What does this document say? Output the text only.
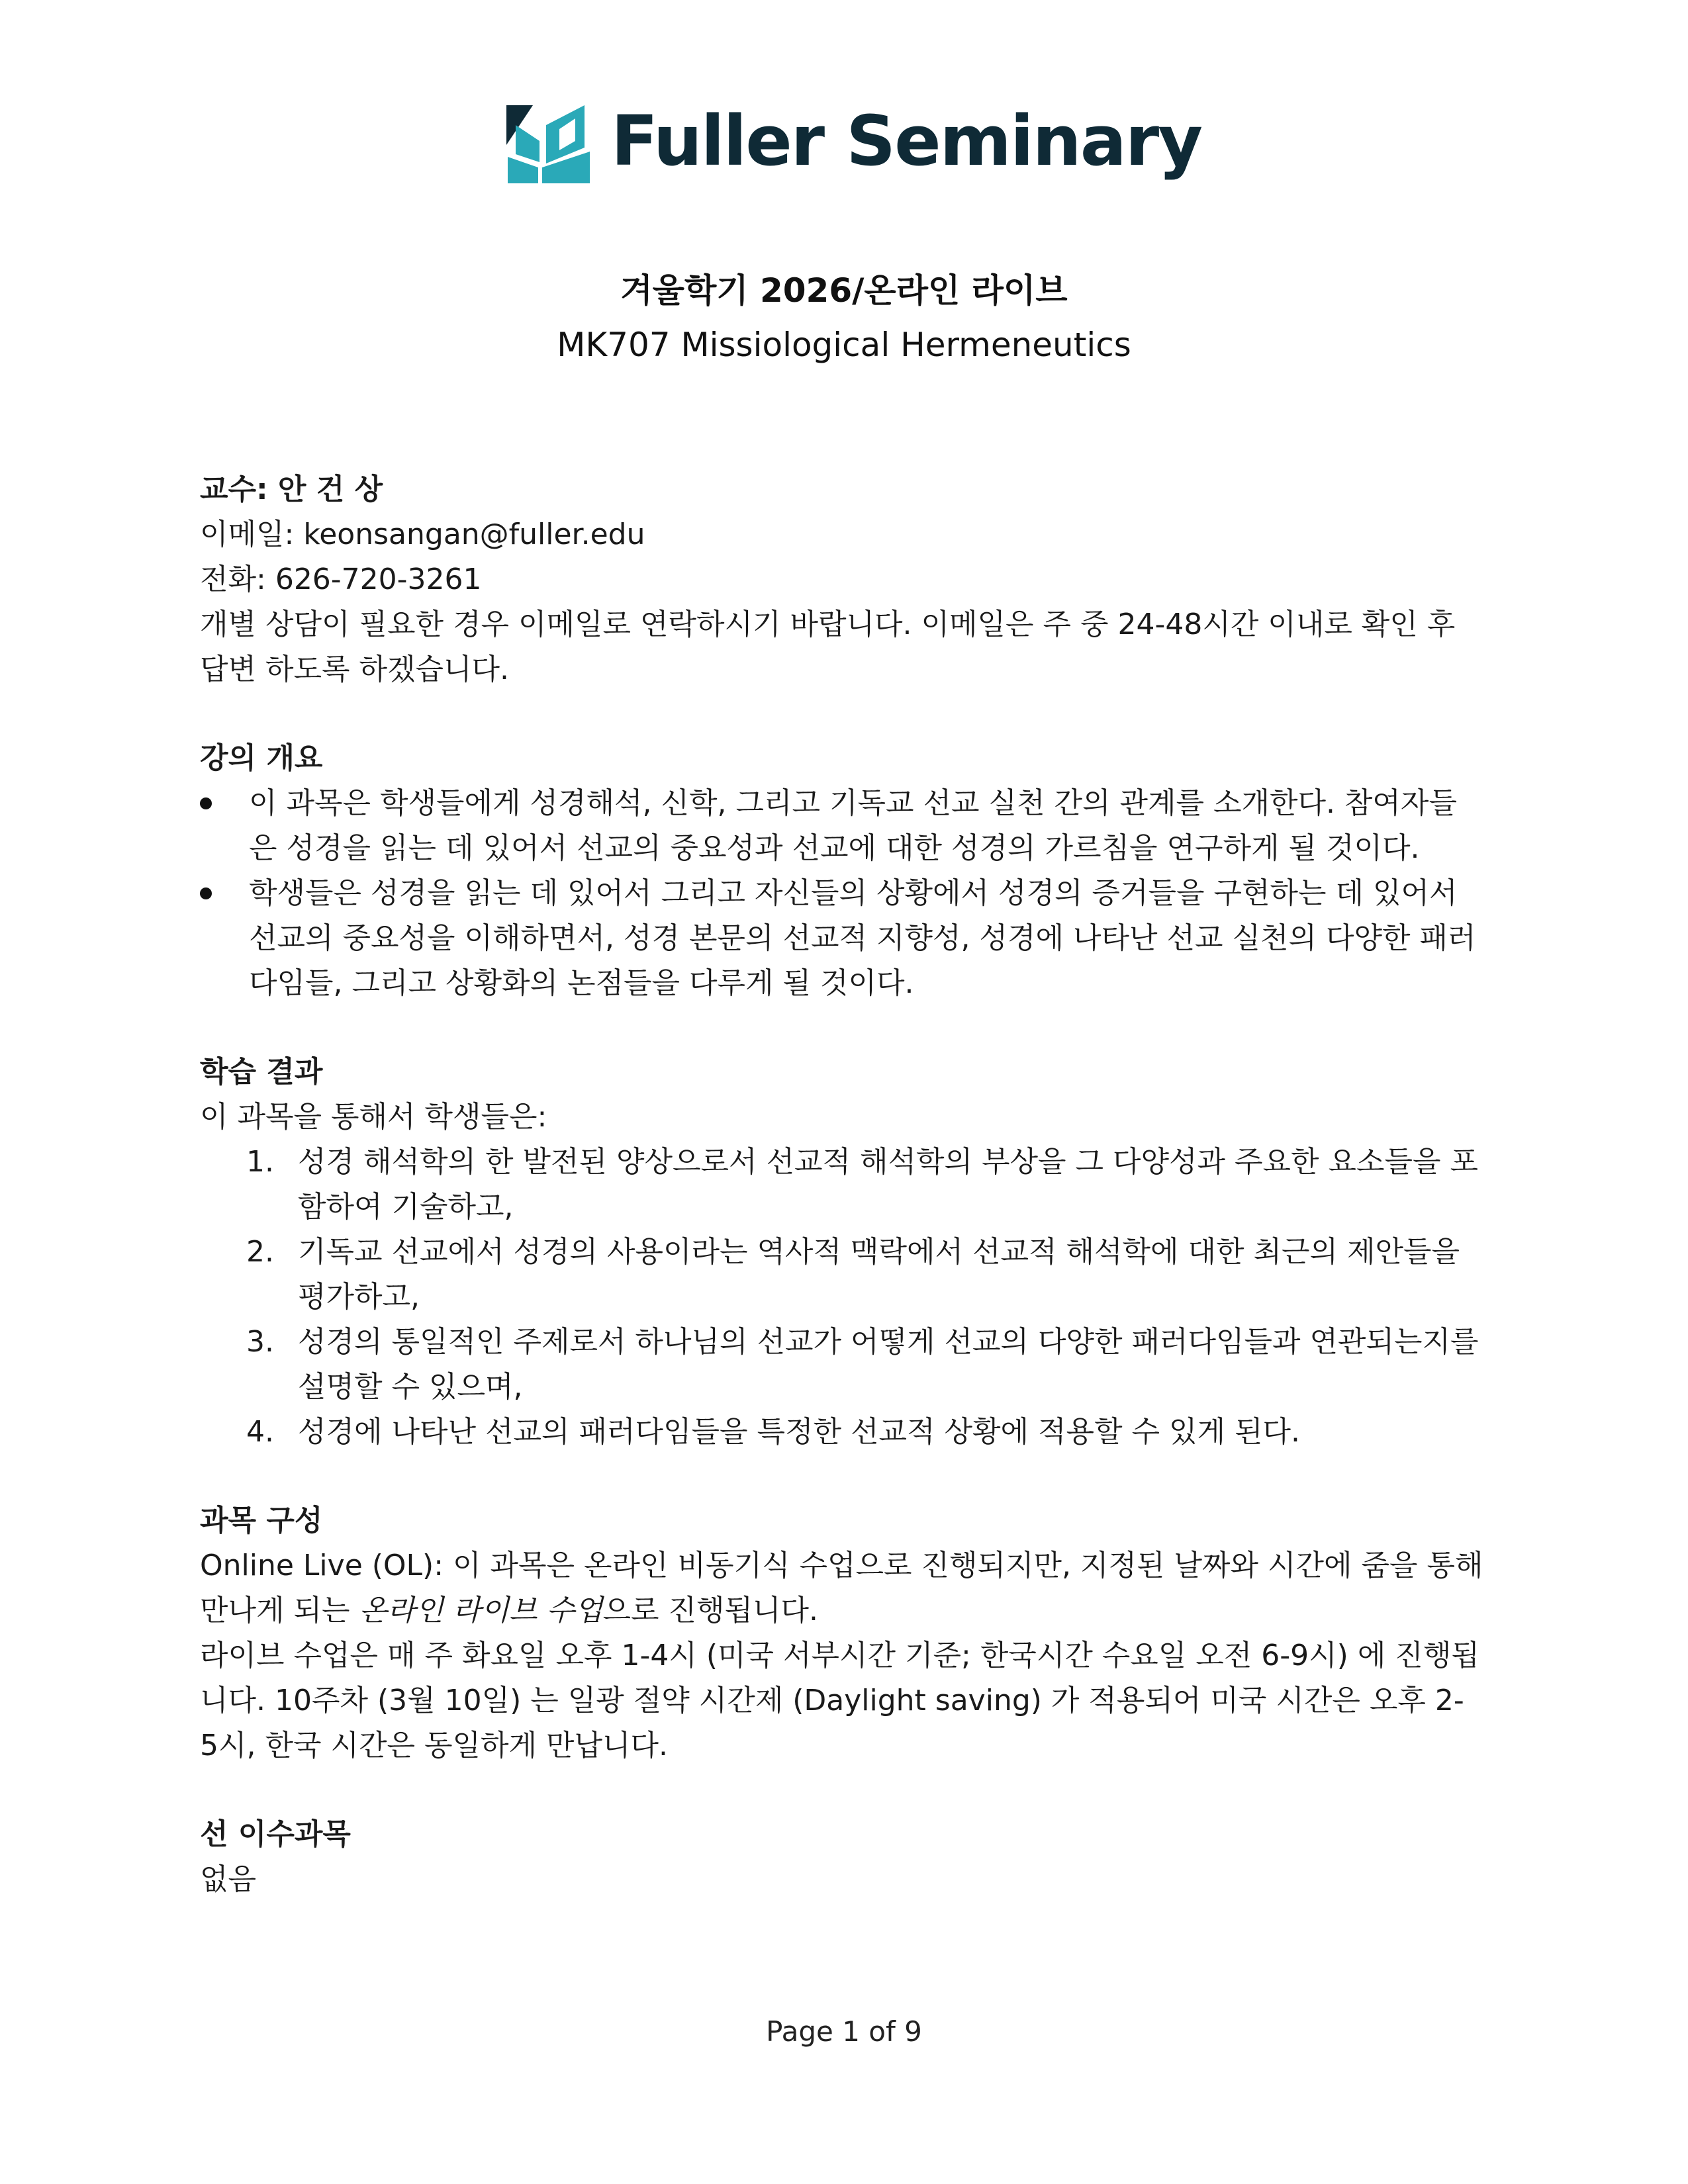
Fuller Seminary
겨울학기 2026/온라인 라이브
MK707 Missiological Hermeneutics
교수: 안 건 상
이메일: keonsangan@fuller.edu
전화: 626-720-3261
개별 상담이 필요한 경우 이메일로 연락하시기 바랍니다. 이메일은 주 중 24-48시간 이내로 확인 후
답변 하도록 하겠습니다.
강의 개요
이 과목은 학생들에게 성경해석, 신학, 그리고 기독교 선교 실천 간의 관계를 소개한다. 참여자들
은 성경을 읽는 데 있어서 선교의 중요성과 선교에 대한 성경의 가르침을 연구하게 될 것이다.
학생들은 성경을 읽는 데 있어서 그리고 자신들의 상황에서 성경의 증거들을 구현하는 데 있어서
선교의 중요성을 이해하면서, 성경 본문의 선교적 지향성, 성경에 나타난 선교 실천의 다양한 패러
다임들, 그리고 상황화의 논점들을 다루게 될 것이다.
학습 결과
이 과목을 통해서 학생들은:
1. 성경 해석학의 한 발전된 양상으로서 선교적 해석학의 부상을 그 다양성과 주요한 요소들을 포
함하여 기술하고,
2. 기독교 선교에서 성경의 사용이라는 역사적 맥락에서 선교적 해석학에 대한 최근의 제안들을
평가하고,
3. 성경의 통일적인 주제로서 하나님의 선교가 어떻게 선교의 다양한 패러다임들과 연관되는지를
설명할 수 있으며,
4. 성경에 나타난 선교의 패러다임들을 특정한 선교적 상황에 적용할 수 있게 된다.
과목 구성
Online Live (OL): 이 과목은 온라인 비동기식 수업으로 진행되지만, 지정된 날짜와 시간에 줌을 통해
만나게 되는 온라인 라이브 수업으로 진행됩니다.
라이브 수업은 매 주 화요일 오후 1-4시 (미국 서부시간 기준; 한국시간 수요일 오전 6-9시) 에 진행됩
니다. 10주차 (3월 10일) 는 일광 절약 시간제 (Daylight saving) 가 적용되어 미국 시간은 오후 2-
5시, 한국 시간은 동일하게 만납니다.
선 이수과목
없음
Page 1 of 9
